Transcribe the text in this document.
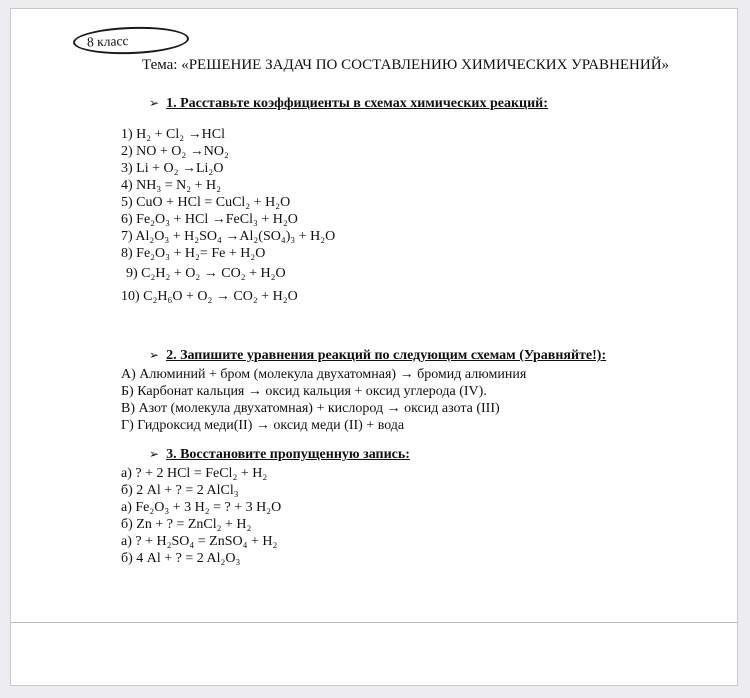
8 класс
Тема: «РЕШЕНИЕ ЗАДАЧ ПО СОСТАВЛЕНИЮ ХИМИЧЕСКИХ УРАВНЕНИЙ»
➢ 1. Расставьте коэффициенты в схемах химических реакций:
1) H₂ + Cl₂ →HCl
2) NO + O₂ →NO₂
3) Li + O₂ →Li₂O
4) NH₃ = N₂ + H₂
5) CuO + HCl = CuCl₂ + H₂O
6) Fe₂O₃ + HCl →FeCl₃ + H₂O
7) Al₂O₃ + H₂SO₄ →Al₂(SO₄)₃ + H₂O
8) Fe₂O₃ + H₂= Fe + H₂O
9) C₂H₂ + O₂ → CO₂ + H₂O
10) C₂H₆O + O₂ → CO₂ + H₂O
➢ 2. Запишите уравнения реакций по следующим схемам (Уравняйте!):
А) Алюминий + бром (молекула двухатомная) → бромид алюминия
Б) Карбонат кальция → оксид кальция + оксид углерода (IV).
В) Азот (молекула двухатомная) + кислород → оксид азота (III)
Г) Гидроксид меди(II) → оксид меди (II) + вода
➢ 3. Восстановите пропущенную запись:
а) ? + 2 HCl = FeCl₂ + H₂
б) 2 Al + ? = 2 AlCl₃
а) Fe₂O₃ + 3 H₂ = ? + 3 H₂O
б) Zn + ? = ZnCl₂ + H₂
а) ? + H₂SO₄ = ZnSO₄ + H₂
б) 4 Al + ? = 2 Al₂O₃
